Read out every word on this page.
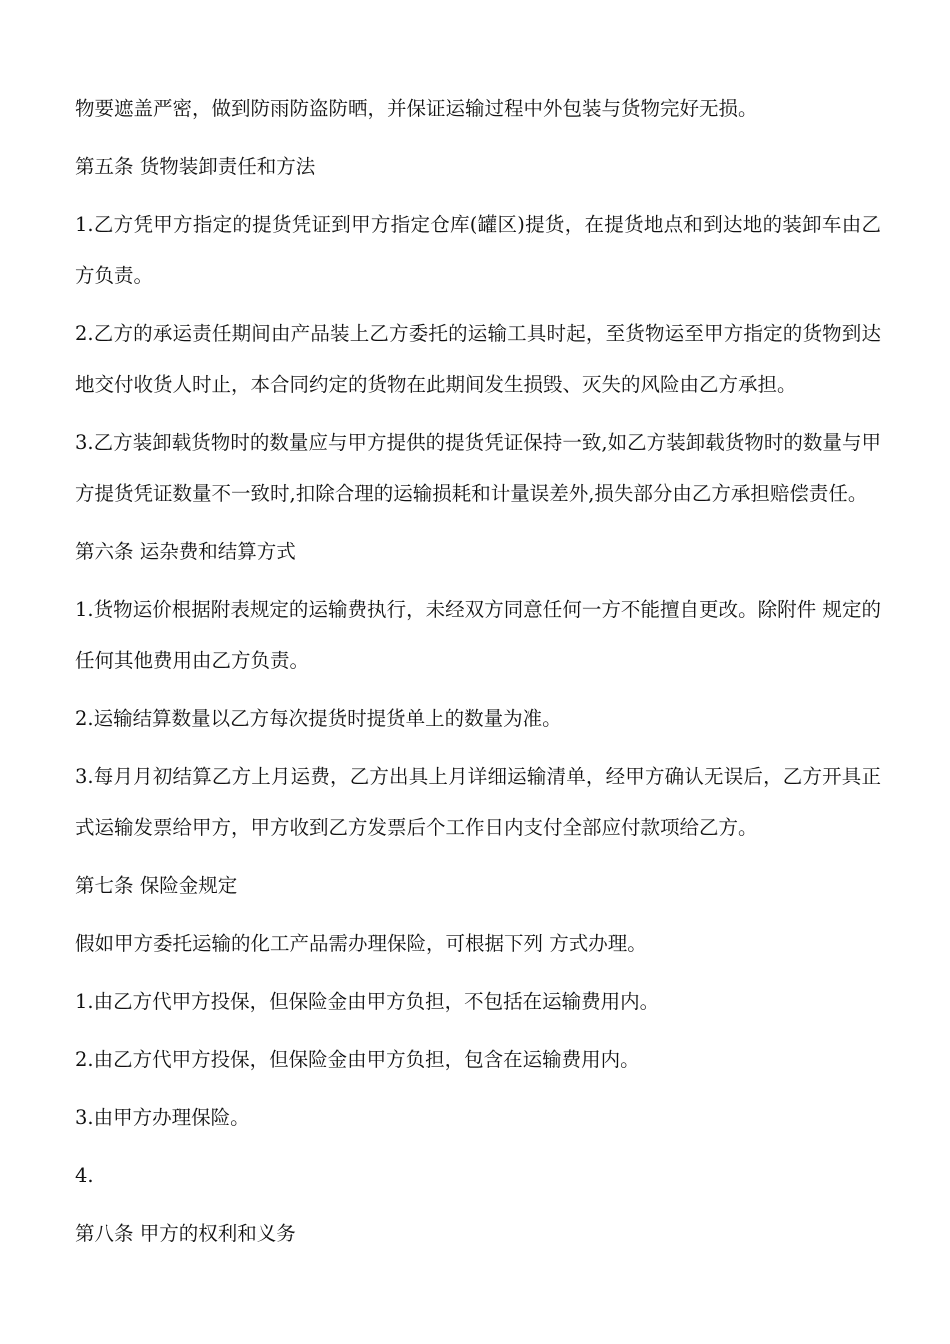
物要遮盖严密，做到防雨防盗防晒，并保证运输过程中外包装与货物完好无损。

第五条 货物装卸责任和方法

1.乙方凭甲方指定的提货凭证到甲方指定仓库(罐区)提货，在提货地点和到达地的装卸车由乙方负责。

2.乙方的承运责任期间由产品装上乙方委托的运输工具时起，至货物运至甲方指定的货物到达地交付收货人时止，本合同约定的货物在此期间发生损毁、灭失的风险由乙方承担。

3.乙方装卸载货物时的数量应与甲方提供的提货凭证保持一致,如乙方装卸载货物时的数量与甲方提货凭证数量不一致时,扣除合理的运输损耗和计量误差外,损失部分由乙方承担赔偿责任。

第六条 运杂费和结算方式

1.货物运价根据附表规定的运输费执行，未经双方同意任何一方不能擅自更改。除附件 规定的任何其他费用由乙方负责。

2.运输结算数量以乙方每次提货时提货单上的数量为准。

3.每月月初结算乙方上月运费，乙方出具上月详细运输清单，经甲方确认无误后，乙方开具正式运输发票给甲方，甲方收到乙方发票后个工作日内支付全部应付款项给乙方。

第七条 保险金规定

假如甲方委托运输的化工产品需办理保险，可根据下列 方式办理。

1.由乙方代甲方投保，但保险金由甲方负担，不包括在运输费用内。

2.由乙方代甲方投保，但保险金由甲方负担，包含在运输费用内。

3.由甲方办理保险。

4.

第八条 甲方的权利和义务
